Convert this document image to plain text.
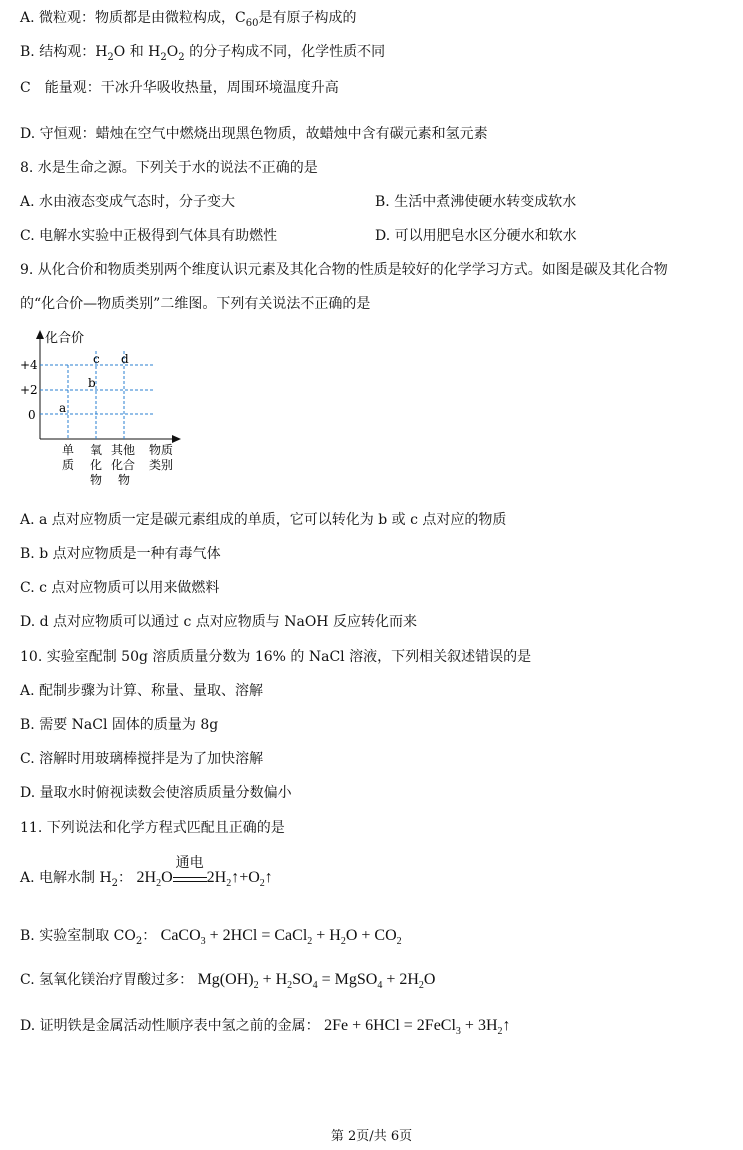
A. 微粒观：物质都是由微粒构成，$C_{60}$是有原子构成的
B. 结构观：$H_2O$ 和 $H_2O_2$ 的分子构成不同，化学性质不同
C　能量观：干冰升华吸收热量，周围环境温度升高
D. 守恒观：蜡烛在空气中燃烧出现黑色物质，故蜡烛中含有碳元素和氢元素
8. 水是生命之源。下列关于水的说法不正确的是
A. 水由液态变成气态时，分子变大	B. 生活中煮沸使硬水转变成软水
C. 电解水实验中正极得到气体具有助燃性	D. 可以用肥皂水区分硬水和软水
9. 从化合价和物质类别两个维度认识元素及其化合物的性质是较好的化学学习方式。如图是碳及其化合物
的“化合价—物质类别”二维图。下列有关说法不正确的是
化合价
+4
+2
0 a
b
c d
单
质
氧
化
物
其他
化合
物
物质
类别
A. a 点对应物质一定是碳元素组成的单质，它可以转化为 b 或 c 点对应的物质
B. b 点对应物质是一种有毒气体
C. c 点对应物质可以用来做燃料
D. d 点对应物质可以通过 c 点对应物质与 NaOH 反应转化而来
10. 实验室配制 50g 溶质质量分数为 16% 的 NaCl 溶液，下列相关叙述错误的是
A. 配制步骤为计算、称量、量取、溶解
B. 需要 NaCl 固体的质量为 8g
C. 溶解时用玻璃棒搅拌是为了加快溶解
D. 量取水时俯视读数会使溶质质量分数偏小
11. 下列说法和化学方程式匹配且正确的是
A. 电解水制 $H_2$： $2H_2O$
通电
$2H_2↑+O_2↑$
B. 实验室制取 $CO_2$： CaCO$_3$ + 2HCl = CaCl$_2$ + $H_2O + CO_2$
C. 氢氧化镁治疗胃酸过多： $Mg(OH)_2 + H_2SO_4$ = MgSO$_4$ + $2H_2O$
D. 证明铁是金属活动性顺序表中氢之前的金属： 2Fe + 6HCl = 2FeCl$_3$ + $3H_2↑$
第 2页/共 6页
